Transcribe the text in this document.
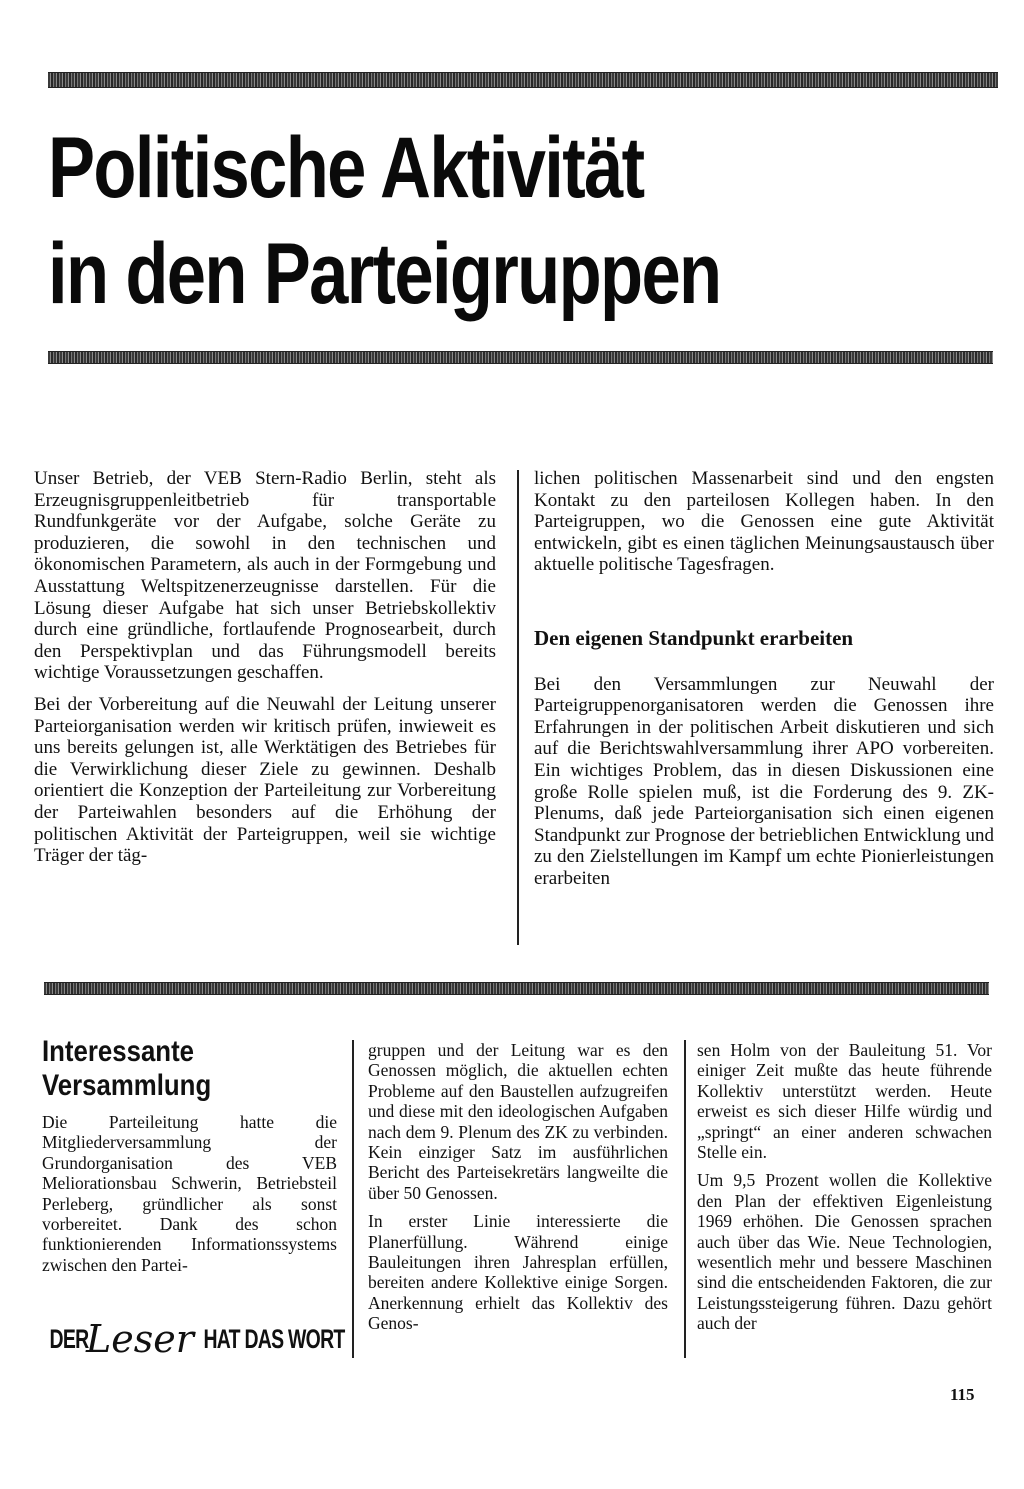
Politische Aktivität
in den Parteigruppen

Unser Betrieb, der VEB Stern-Radio Berlin, steht als Erzeugnisgruppenleitbetrieb für transportable Rundfunkgeräte vor der Aufgabe, solche Geräte zu produzieren, die sowohl in den technischen und ökonomischen Parametern, als auch in der Formgebung und Ausstattung Weltspitzenerzeugnisse darstellen. Für die Lösung dieser Aufgabe hat sich unser Betriebskollektiv durch eine gründliche, fortlaufende Prognosearbeit, durch den Perspektivplan und das Führungsmodell bereits wichtige Voraussetzungen geschaffen.

Bei der Vorbereitung auf die Neuwahl der Leitung unserer Parteiorganisation werden wir kritisch prüfen, inwieweit es uns bereits gelungen ist, alle Werktätigen des Betriebes für die Verwirklichung dieser Ziele zu gewinnen. Deshalb orientiert die Konzeption der Parteileitung zur Vorbereitung der Parteiwahlen besonders auf die Erhöhung der politischen Aktivität der Parteigruppen, weil sie wichtige Träger der täg-

lichen politischen Massenarbeit sind und den engsten Kontakt zu den parteilosen Kollegen haben. In den Parteigruppen, wo die Genossen eine gute Aktivität entwickeln, gibt es einen täglichen Meinungsaustausch über aktuelle politische Tagesfragen.

Den eigenen Standpunkt erarbeiten

Bei den Versammlungen zur Neuwahl der Parteigruppenorganisatoren werden die Genossen ihre Erfahrungen in der politischen Arbeit diskutieren und sich auf die Berichtswahlversammlung ihrer APO vorbereiten. Ein wichtiges Problem, das in diesen Diskussionen eine große Rolle spielen muß, ist die Forderung des 9. ZK-Plenums, daß jede Parteiorganisation sich einen eigenen Standpunkt zur Prognose der betrieblichen Entwicklung und zu den Zielstellungen im Kampf um echte Pionierleistungen erarbeiten

Interessante
Versammlung

Die Parteileitung hatte die Mitgliederversammlung der Grundorganisation des VEB Meliorationsbau Schwerin, Betriebsteil Perleberg, gründlicher als sonst vorbereitet. Dank des schon funktionierenden Informationssystems zwischen den Partei-

DER
Leser HAT DAS WORT

gruppen und der Leitung war es den Genossen möglich, die aktuellen echten Probleme auf den Baustellen aufzugreifen und diese mit den ideologischen Aufgaben nach dem 9. Plenum des ZK zu verbinden. Kein einziger Satz im ausführlichen Bericht des Parteisekretärs langweilte die über 50 Genossen.

In erster Linie interessierte die Planerfüllung. Während einige Bauleitungen ihren Jahresplan erfüllen, bereiten andere Kollektive einige Sorgen. Anerkennung erhielt das Kollektiv des Genos-

sen Holm von der Bauleitung 51. Vor einiger Zeit mußte das heute führende Kollektiv unterstützt werden. Heute erweist es sich dieser Hilfe würdig und „springt“ an einer anderen schwachen Stelle ein.

Um 9,5 Prozent wollen die Kollektive den Plan der effektiven Eigenleistung 1969 erhöhen. Die Genossen sprachen auch über das Wie. Neue Technologien, wesentlich mehr und bessere Maschinen sind die entscheidenden Faktoren, die zur Leistungssteigerung führen. Dazu gehört auch der

115
